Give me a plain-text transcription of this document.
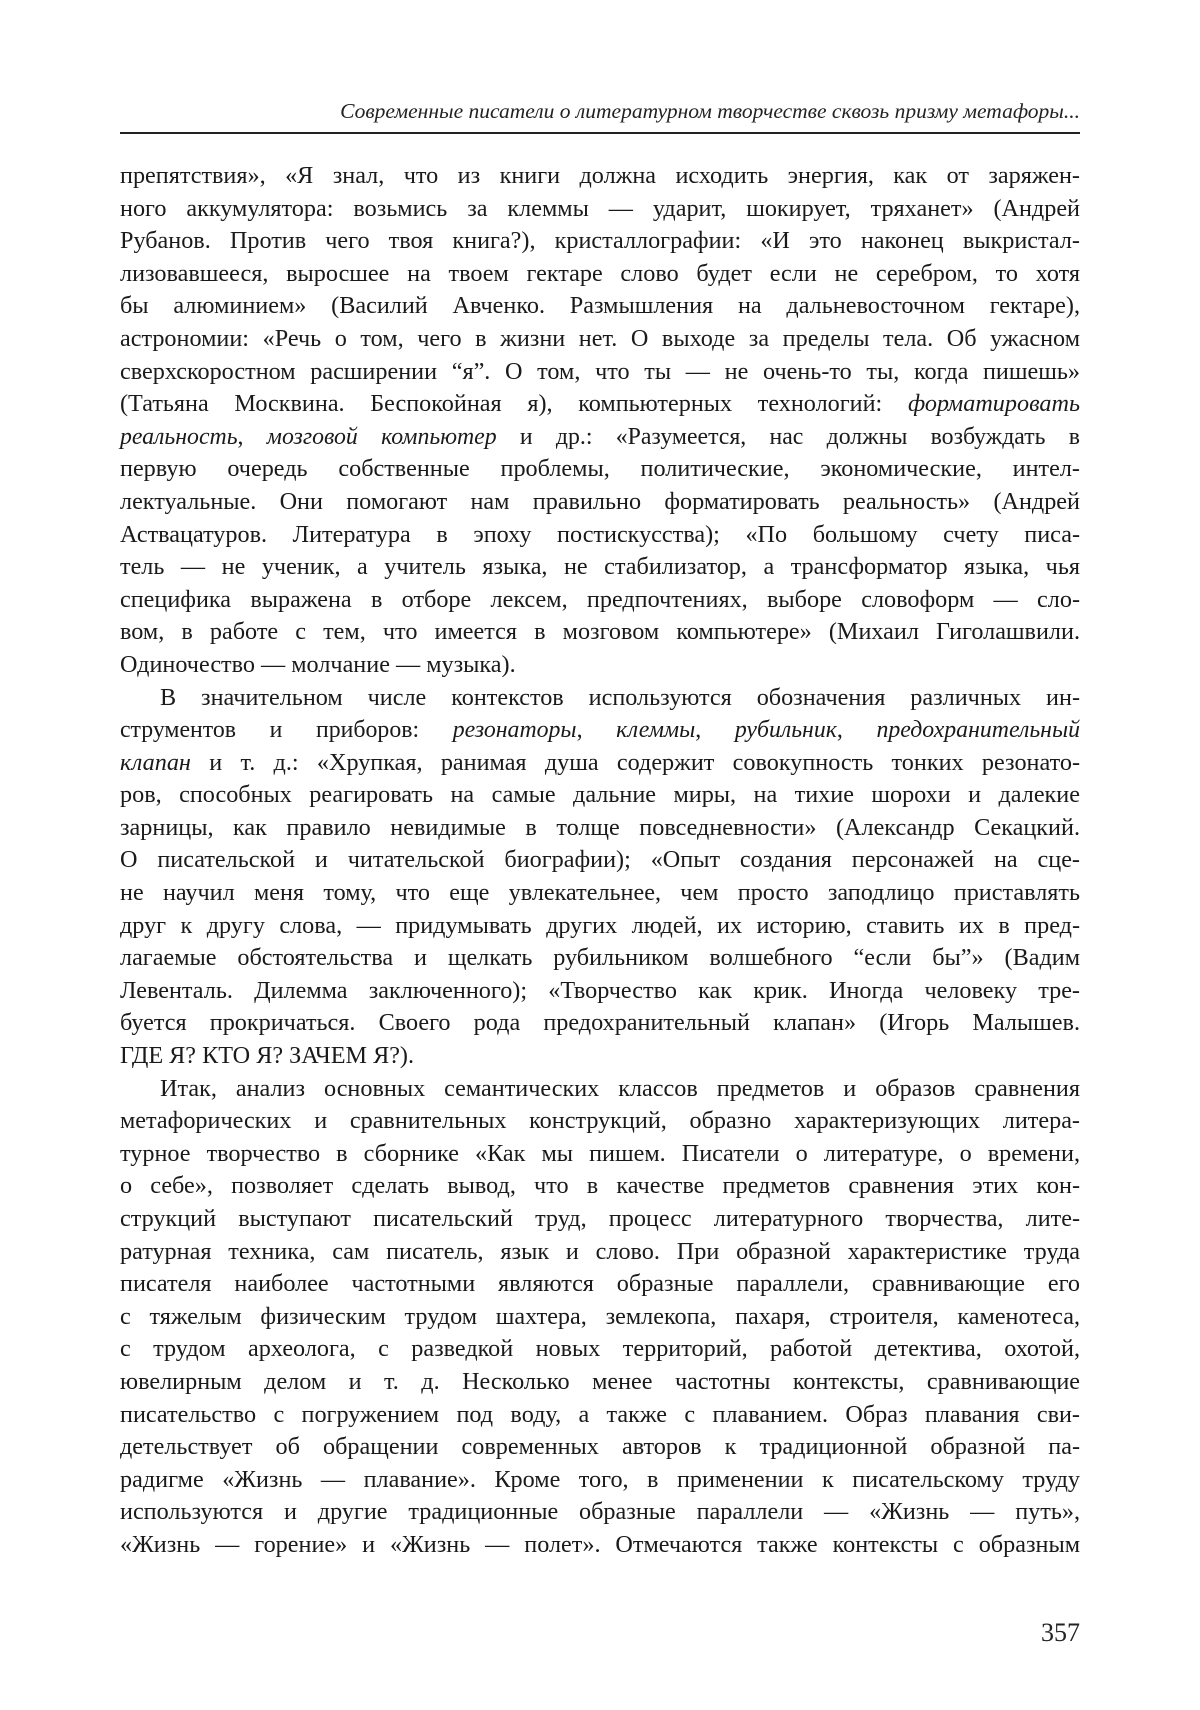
Современные писатели о литературном творчестве сквозь призму метафоры...
препятствия», «Я знал, что из книги должна исходить энергия, как от заряжен-
ного аккумулятора: возьмись за клеммы — ударит, шокирует, тряханет» (Андрей
Рубанов. Против чего твоя книга?), кристаллографии: «И это наконец выкристал-
лизовавшееся, выросшее на твоем гектаре слово будет если не серебром, то хотя
бы алюминием» (Василий Авченко. Размышления на дальневосточном гектаре),
астрономии: «Речь о том, чего в жизни нет. О выходе за пределы тела. Об ужасном
сверхскоростном расширении “я”. О том, что ты — не очень-то ты, когда пишешь»
(Татьяна Москвина. Беспокойная я), компьютерных технологий: форматировать
реальность, мозговой компьютер и др.: «Разумеется, нас должны возбуждать в
первую очередь собственные проблемы, политические, экономические, интел-
лектуальные. Они помогают нам правильно форматировать реальность» (Андрей
Аствацатуров. Литература в эпоху постискусства); «По большому счету писа-
тель — не ученик, а учитель языка, не стабилизатор, а трансформатор языка, чья
специфика выражена в отборе лексем, предпочтениях, выборе словоформ — сло-
вом, в работе с тем, что имеется в мозговом компьютере» (Михаил Гиголашвили.
Одиночество — молчание — музыка).
В значительном числе контекстов используются обозначения различных ин-
струментов и приборов: резонаторы, клеммы, рубильник, предохранительный
клапан и т. д.: «Хрупкая, ранимая душа содержит совокупность тонких резонато-
ров, способных реагировать на самые дальние миры, на тихие шорохи и далекие
зарницы, как правило невидимые в толще повседневности» (Александр Секацкий.
О писательской и читательской биографии); «Опыт создания персонажей на сце-
не научил меня тому, что еще увлекательнее, чем просто заподлицо приставлять
друг к другу слова, — придумывать других людей, их историю, ставить их в пред-
лагаемые обстоятельства и щелкать рубильником волшебного “если бы”» (Вадим
Левенталь. Дилемма заключенного); «Творчество как крик. Иногда человеку тре-
буется прокричаться. Своего рода предохранительный клапан» (Игорь Малышев.
ГДЕ Я? КТО Я? ЗАЧЕМ Я?).
Итак, анализ основных семантических классов предметов и образов сравнения
метафорических и сравнительных конструкций, образно характеризующих литера-
турное творчество в сборнике «Как мы пишем. Писатели о литературе, о времени,
о себе», позволяет сделать вывод, что в качестве предметов сравнения этих кон-
струкций выступают писательский труд, процесс литературного творчества, лите-
ратурная техника, сам писатель, язык и слово. При образной характеристике труда
писателя наиболее частотными являются образные параллели, сравнивающие его
с тяжелым физическим трудом шахтера, землекопа, пахаря, строителя, каменотеса,
с трудом археолога, с разведкой новых территорий, работой детектива, охотой,
ювелирным делом и т. д. Несколько менее частотны контексты, сравнивающие
писательство с погружением под воду, а также с плаванием. Образ плавания сви-
детельствует об обращении современных авторов к традиционной образной па-
радигме «Жизнь — плавание». Кроме того, в применении к писательскому труду
используются и другие традиционные образные параллели — «Жизнь — путь»,
«Жизнь — горение» и «Жизнь — полет». Отмечаются также контексты с образным
357
